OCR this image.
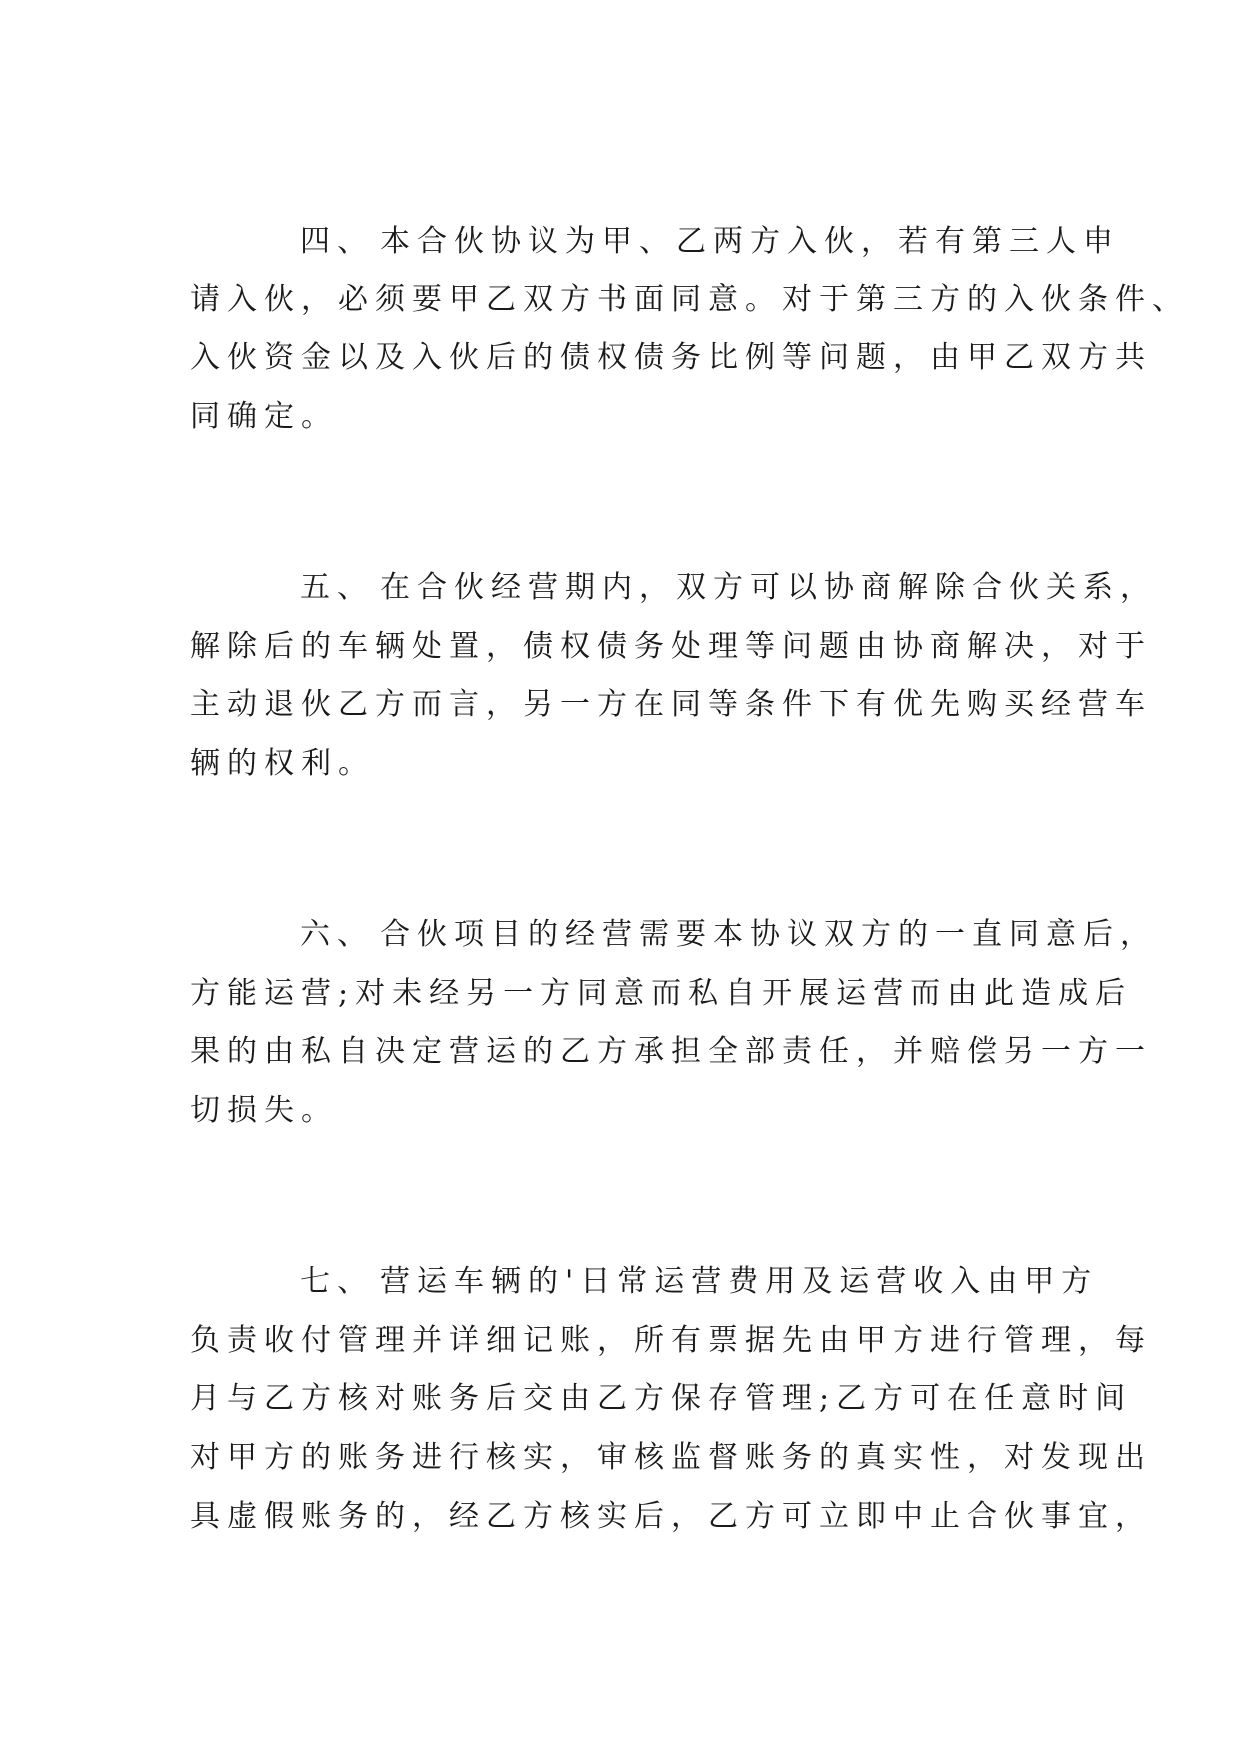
四、 本合伙协议为甲、乙两方入伙，若有第三人申
请入伙，必须要甲乙双方书面同意。对于第三方的入伙条件、
入伙资金以及入伙后的债权债务比例等问题，由甲乙双方共
同确定。
五、 在合伙经营期内，双方可以协商解除合伙关系，
解除后的车辆处置，债权债务处理等问题由协商解决，对于
主动退伙乙方而言，另一方在同等条件下有优先购买经营车
辆的权利。
六、 合伙项目的经营需要本协议双方的一直同意后，
方能运营;对未经另一方同意而私自开展运营而由此造成后
果的由私自决定营运的乙方承担全部责任，并赔偿另一方一
切损失。
七、 营运车辆的'日常运营费用及运营收入由甲方
负责收付管理并详细记账，所有票据先由甲方进行管理，每
月与乙方核对账务后交由乙方保存管理;乙方可在任意时间
对甲方的账务进行核实，审核监督账务的真实性，对发现出
具虚假账务的，经乙方核实后，乙方可立即中止合伙事宜，
